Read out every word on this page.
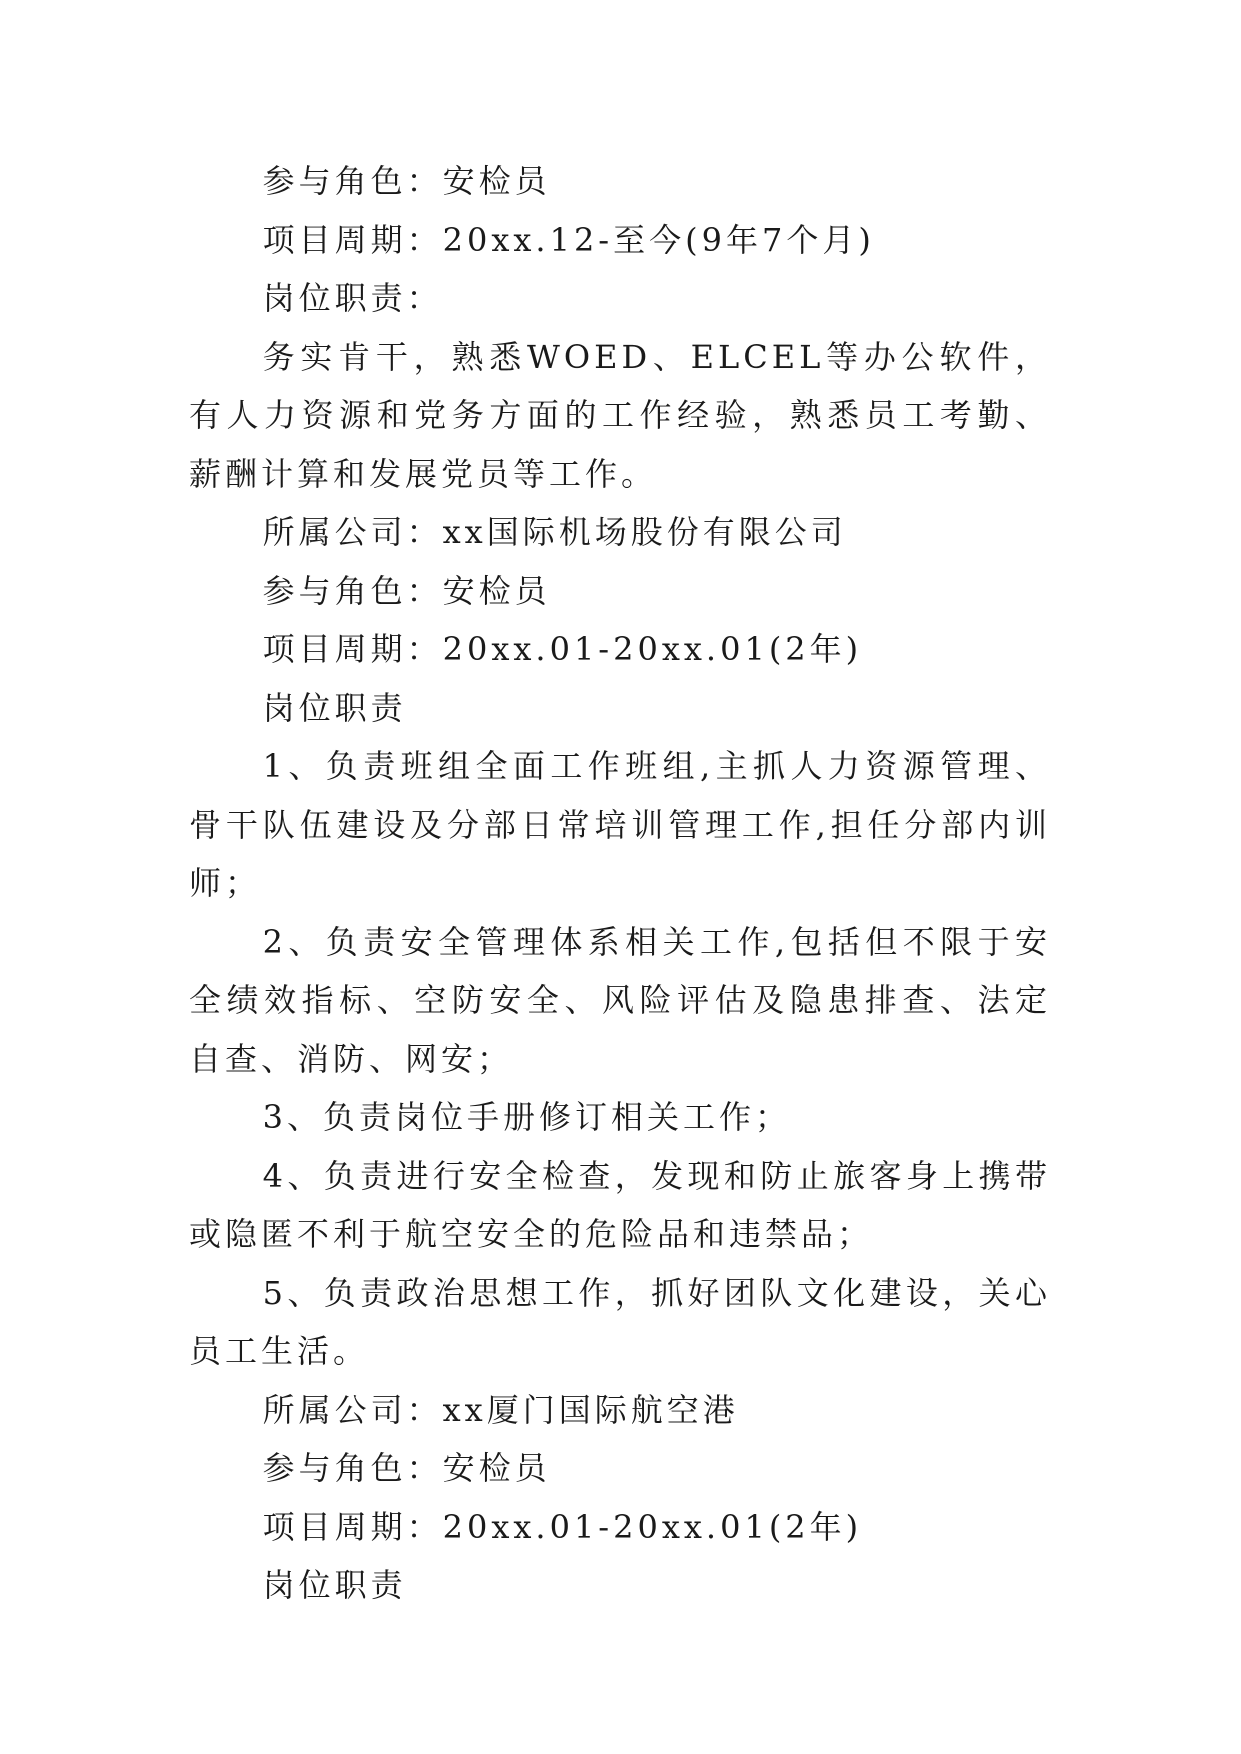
参与角色：安检员

项目周期：20xx.12-至今(9年7个月)

岗位职责：

务实肯干，熟悉WOED、ELCEL等办公软件，有人力资源和党务方面的工作经验，熟悉员工考勤、薪酬计算和发展党员等工作。

所属公司：xx国际机场股份有限公司

参与角色：安检员

项目周期：20xx.01-20xx.01(2年)

岗位职责

1、负责班组全面工作班组,主抓人力资源管理、骨干队伍建设及分部日常培训管理工作,担任分部内训师；

2、负责安全管理体系相关工作,包括但不限于安全绩效指标、空防安全、风险评估及隐患排查、法定自查、消防、网安；

3、负责岗位手册修订相关工作；

4、负责进行安全检查，发现和防止旅客身上携带或隐匿不利于航空安全的危险品和违禁品；

5、负责政治思想工作，抓好团队文化建设，关心员工生活。

所属公司：xx厦门国际航空港

参与角色：安检员

项目周期：20xx.01-20xx.01(2年)

岗位职责
